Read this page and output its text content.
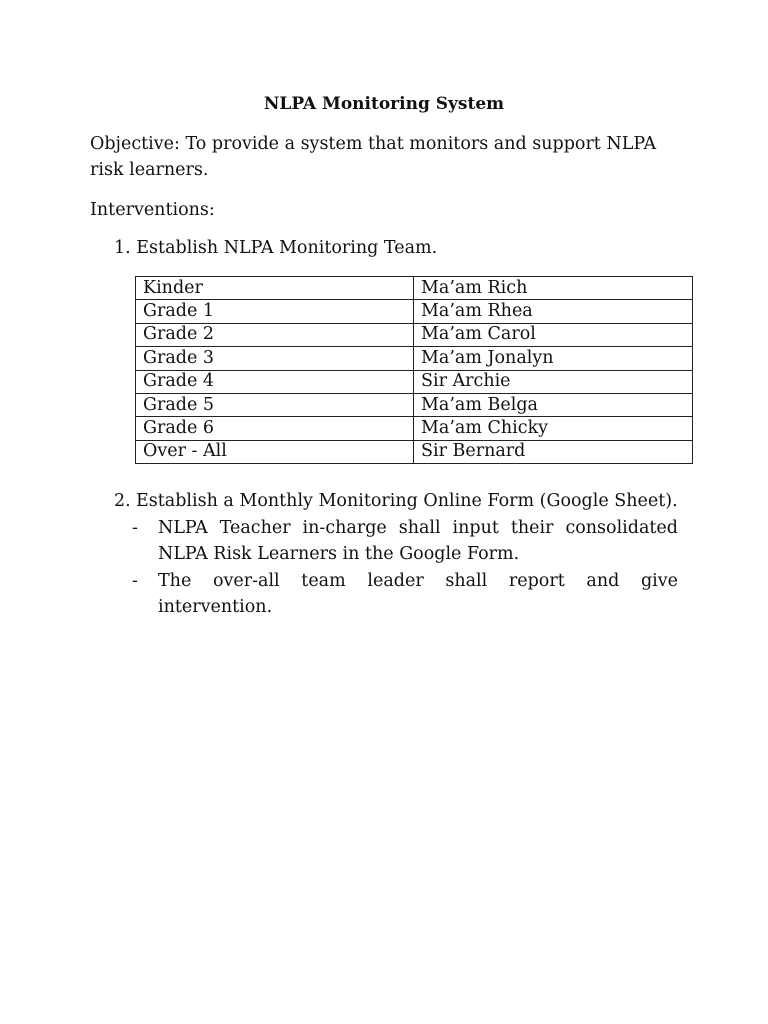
NLPA Monitoring System
Objective: To provide a system that monitors and support NLPA risk learners.
Interventions:
1. Establish NLPA Monitoring Team.
Kinder	Ma’am Rich
Grade 1	Ma’am Rhea
Grade 2	Ma’am Carol
Grade 3	Ma’am Jonalyn
Grade 4	Sir Archie
Grade 5	Ma’am Belga
Grade 6	Ma’am Chicky
Over - All	Sir Bernard
2. Establish a Monthly Monitoring Online Form (Google Sheet).
- NLPA Teacher in-charge shall input their consolidated NLPA Risk Learners in the Google Form.
- The over-all team leader shall report and give intervention.
